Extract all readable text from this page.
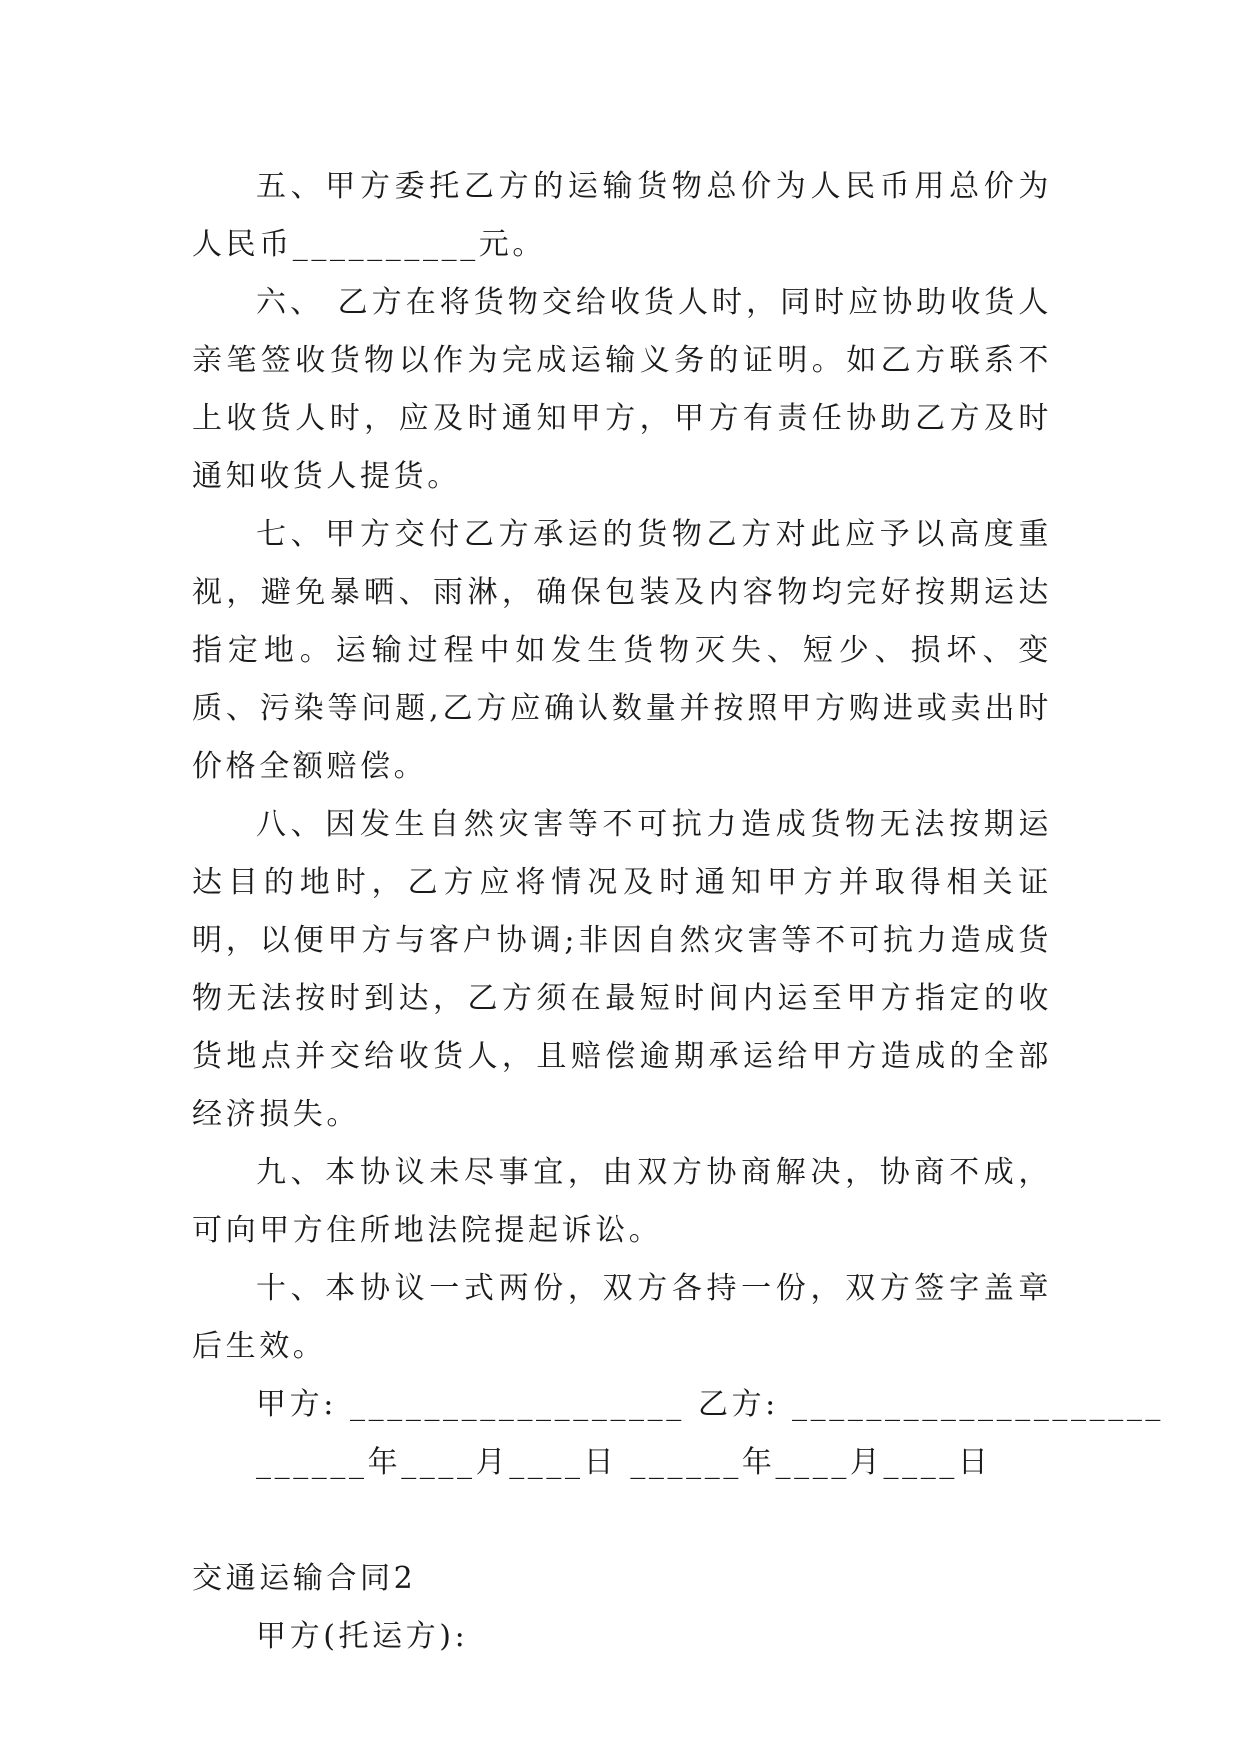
五、甲方委托乙方的运输货物总价为人民币用总价为人民币__________元。

六、 乙方在将货物交给收货人时，同时应协助收货人亲笔签收货物以作为完成运输义务的证明。如乙方联系不上收货人时，应及时通知甲方，甲方有责任协助乙方及时通知收货人提货。

七、甲方交付乙方承运的货物乙方对此应予以高度重视，避免暴晒、雨淋，确保包装及内容物均完好按期运达指定地。运输过程中如发生货物灭失、短少、损坏、变质、污染等问题,乙方应确认数量并按照甲方购进或卖出时价格全额赔偿。

八、因发生自然灾害等不可抗力造成货物无法按期运达目的地时，乙方应将情况及时通知甲方并取得相关证明，以便甲方与客户协调;非因自然灾害等不可抗力造成货物无法按时到达，乙方须在最短时间内运至甲方指定的收货地点并交给收货人，且赔偿逾期承运给甲方造成的全部经济损失。

九、本协议未尽事宜，由双方协商解决，协商不成，可向甲方住所地法院提起诉讼。

十、本协议一式两份，双方各持一份，双方签字盖章后生效。

甲方: __________________ 乙方: ____________________

______年____月____日 ______年____月____日

交通运输合同2

甲方(托运方):
